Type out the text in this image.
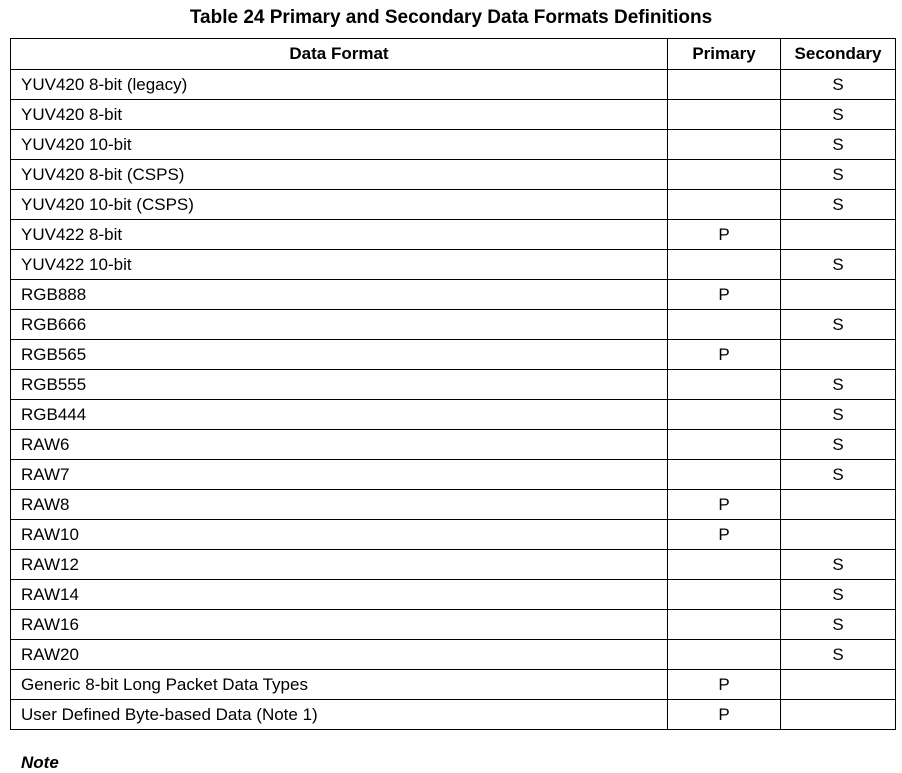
Table 24 Primary and Secondary Data Formats Definitions
Data Format	Primary	Secondary
YUV420 8-bit (legacy)		S
YUV420 8-bit		S
YUV420 10-bit		S
YUV420 8-bit (CSPS)		S
YUV420 10-bit (CSPS)		S
YUV422 8-bit	P	
YUV422 10-bit		S
RGB888	P	
RGB666		S
RGB565	P	
RGB555		S
RGB444		S
RAW6		S
RAW7		S
RAW8	P	
RAW10	P	
RAW12		S
RAW14		S
RAW16		S
RAW20		S
Generic 8-bit Long Packet Data Types	P	
User Defined Byte-based Data (Note 1)	P	
Note
